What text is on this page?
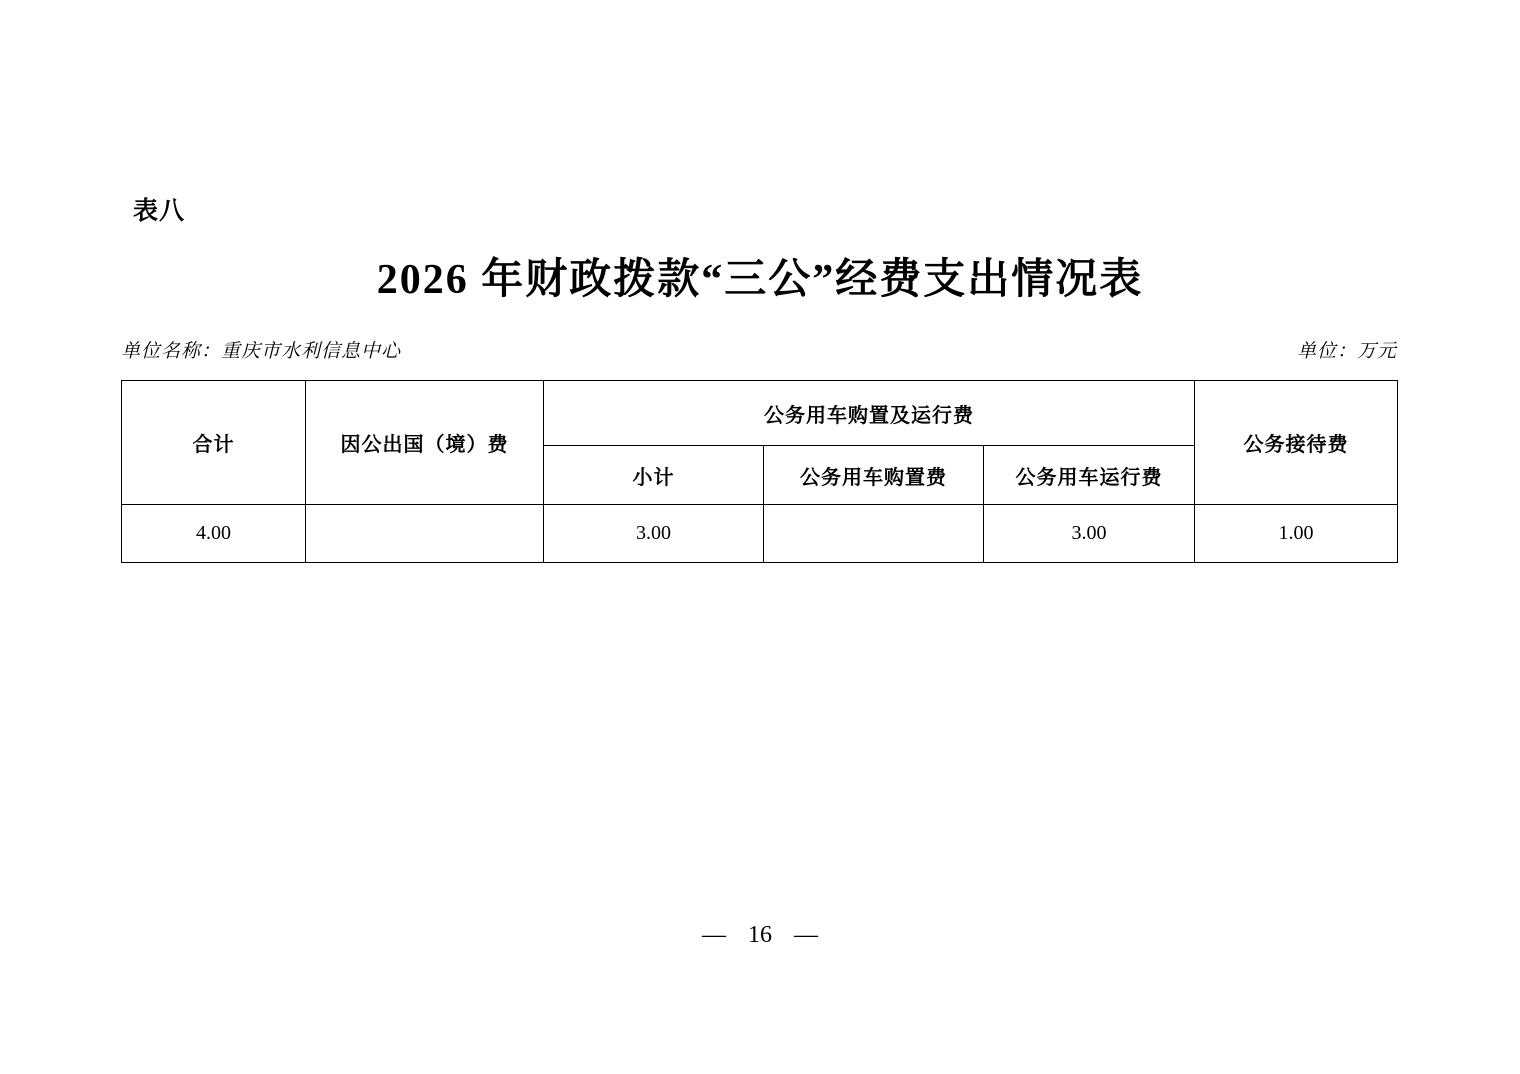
表八
2026 年财政拨款“三公”经费支出情况表
单位名称：重庆市水利信息中心	单位：万元
合计	因公出国（境）费	公务用车购置及运行费			公务接待费
		小计	公务用车购置费	公务用车运行费	
4.00		3.00		3.00	1.00
— 16 —
